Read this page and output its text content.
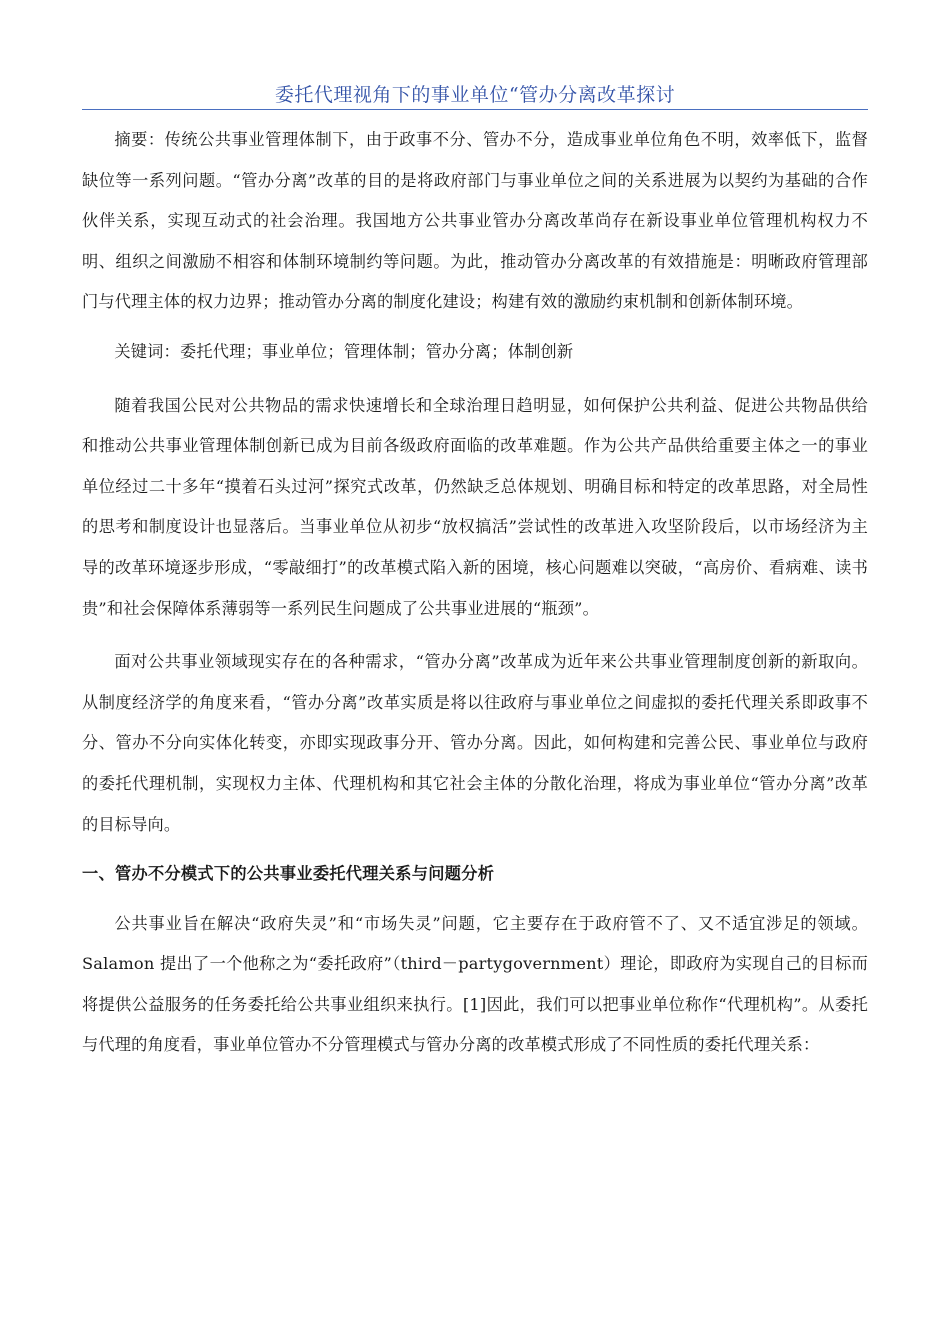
委托代理视角下的事业单位“管办分离改革探讨

摘要：传统公共事业管理体制下，由于政事不分、管办不分，造成事业单位角色不明，效率低下，监督缺位等一系列问题。“管办分离”改革的目的是将政府部门与事业单位之间的关系进展为以契约为基础的合作伙伴关系，实现互动式的社会治理。我国地方公共事业管办分离改革尚存在新设事业单位管理机构权力不明、组织之间激励不相容和体制环境制约等问题。为此，推动管办分离改革的有效措施是：明晰政府管理部门与代理主体的权力边界；推动管办分离的制度化建设；构建有效的激励约束机制和创新体制环境。

关键词：委托代理；事业单位；管理体制；管办分离；体制创新

随着我国公民对公共物品的需求快速增长和全球治理日趋明显，如何保护公共利益、促进公共物品供给和推动公共事业管理体制创新已成为目前各级政府面临的改革难题。作为公共产品供给重要主体之一的事业单位经过二十多年“摸着石头过河”探究式改革，仍然缺乏总体规划、明确目标和特定的改革思路，对全局性的思考和制度设计也显落后。当事业单位从初步“放权搞活”尝试性的改革进入攻坚阶段后，以市场经济为主导的改革环境逐步形成，“零敲细打”的改革模式陷入新的困境，核心问题难以突破，“高房价、看病难、读书贵”和社会保障体系薄弱等一系列民生问题成了公共事业进展的“瓶颈”。

面对公共事业领域现实存在的各种需求，“管办分离”改革成为近年来公共事业管理制度创新的新取向。从制度经济学的角度来看，“管办分离”改革实质是将以往政府与事业单位之间虚拟的委托代理关系即政事不分、管办不分向实体化转变，亦即实现政事分开、管办分离。因此，如何构建和完善公民、事业单位与政府的委托代理机制，实现权力主体、代理机构和其它社会主体的分散化治理，将成为事业单位“管办分离”改革的目标导向。

一、管办不分模式下的公共事业委托代理关系与问题分析

公共事业旨在解决“政府失灵”和“市场失灵”问题，它主要存在于政府管不了、又不适宜涉足的领域。Salamon 提出了一个他称之为“委托政府”（third－partygovernment）理论，即政府为实现自己的目标而将提供公益服务的任务委托给公共事业组织来执行。[1]因此，我们可以把事业单位称作“代理机构”。从委托与代理的角度看，事业单位管办不分管理模式与管办分离的改革模式形成了不同性质的委托代理关系：
